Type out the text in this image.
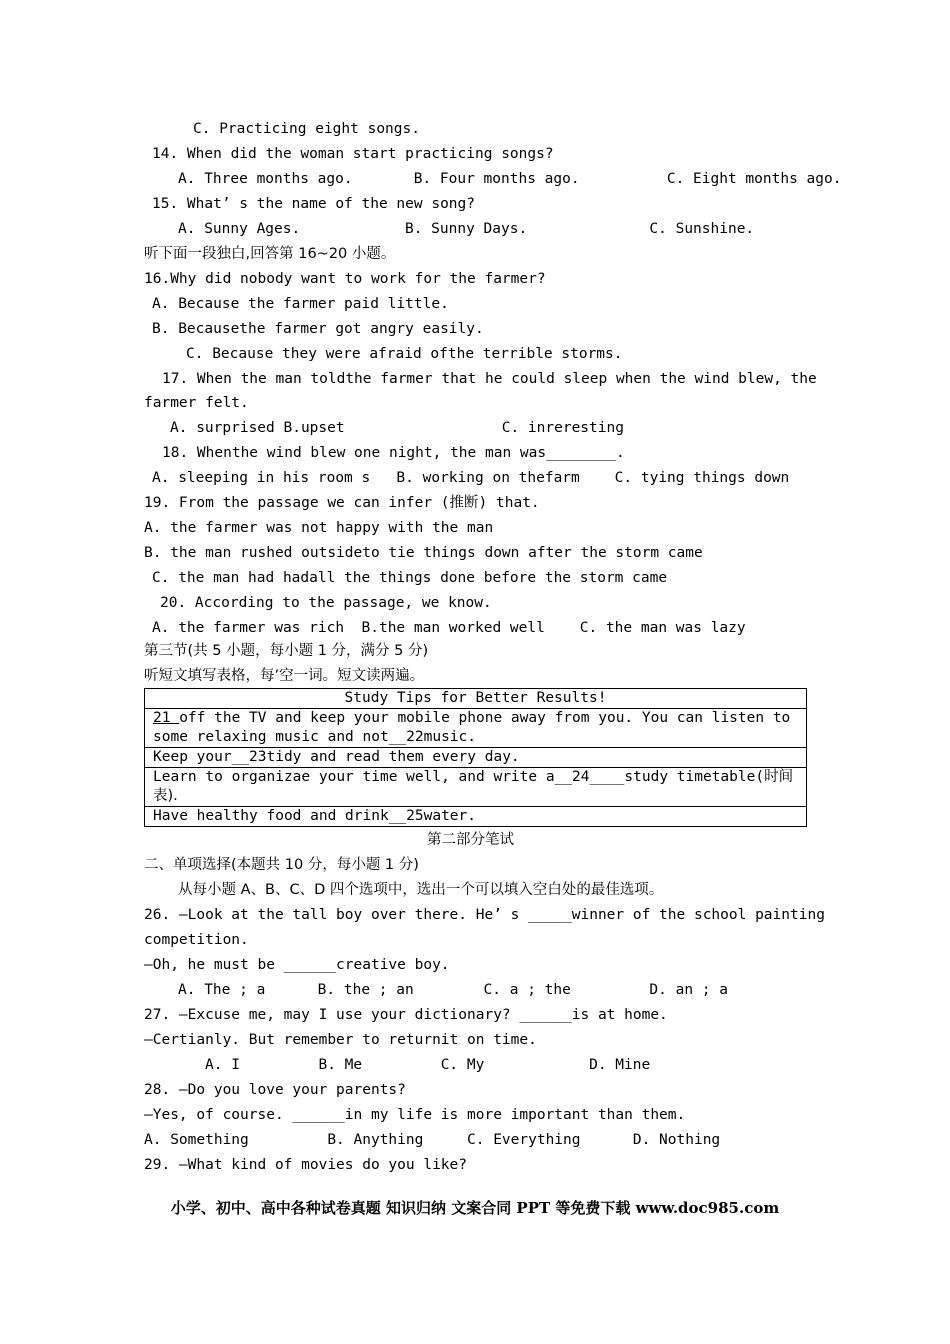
C. Practicing eight songs.
14. When did the woman start practicing songs?
A. Three months ago.       B. Four months ago.          C. Eight months ago.
15. What’ s the name of the new song?
A. Sunny Ages.            B. Sunny Days.              C. Sunshine.
听下面一段独白,回答第 16~20 小题。
16.Why did nobody want to work for the farmer?
A. Because the farmer paid little.
B. Becausethe farmer got angry easily.
C. Because they were afraid ofthe terrible storms.
17. When the man toldthe farmer that he could sleep when the wind blew, the
farmer felt.
A. surprised B.upset                  C. inreresting
18. Whenthe wind blew one night, the man was________.
A. sleeping in his room s   B. working on thefarm    C. tying things down
19. From the passage we can infer (推断) that.
A. the farmer was not happy with the man
B. the man rushed outsideto tie things down after the storm came
C. the man had hadall the things done before the storm came
20. According to the passage, we know.
A. the farmer was rich  B.the man worked well    C. the man was lazy
第三节(共 5 小题，每小题 1 分，满分 5 分)
听短文填写表格，每’空一词。短文读两遍。
第二部分笔试
二、单项选择(本题共 10 分，每小题 1 分)
从每小题 A、B、C、D 四个选项中，选出一个可以填入空白处的最佳选项。
26. —Look at the tall boy over there. He’ s _____winner of the school painting
competition.
—Oh, he must be ______creative boy.
A. The ; a      B. the ; an        C. a ; the         D. an ; a
27. —Excuse me, may I use your dictionary? ______is at home.
—Certianly. But remember to returnit on time.
A. I         B. Me         C. My            D. Mine
28. —Do you love your parents?
—Yes, of course. ______in my life is more important than them.
A. Something         B. Anything     C. Everything      D. Nothing
29. —What kind of movies do you like?
Study Tips for Better Results!
21 off the TV and keep your mobile phone away from you. You can listen to
some relaxing music and not__22music.
Keep your__23tidy and read them every day.
Learn to organizae your time well, and write a__24____study timetable(时间
表).
Have healthy food and drink__25water.
小学、初中、高中各种试卷真题 知识归纳 文案合同 PPT 等免费下载 www.doc985.com
